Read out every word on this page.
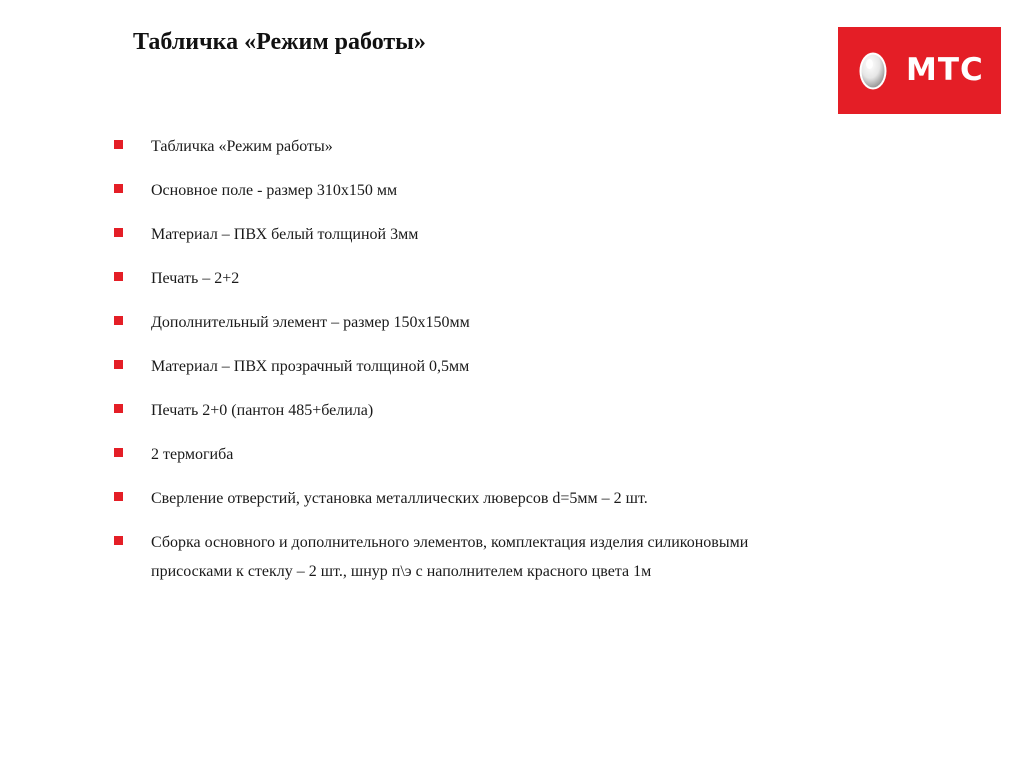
Табличка «Режим работы»
МТС
Табличка «Режим работы»
Основное поле - размер 310х150 мм
Материал – ПВХ белый толщиной 3мм
Печать – 2+2
Дополнительный элемент – размер 150х150мм
Материал – ПВХ прозрачный толщиной 0,5мм
Печать 2+0 (пантон 485+белила)
2 термогиба
Сверление отверстий, установка металлических люверсов d=5мм – 2 шт.
Сборка основного и дополнительного элементов, комплектация изделия силиконовыми присосками к стеклу – 2 шт., шнур п\э с наполнителем красного цвета 1м
